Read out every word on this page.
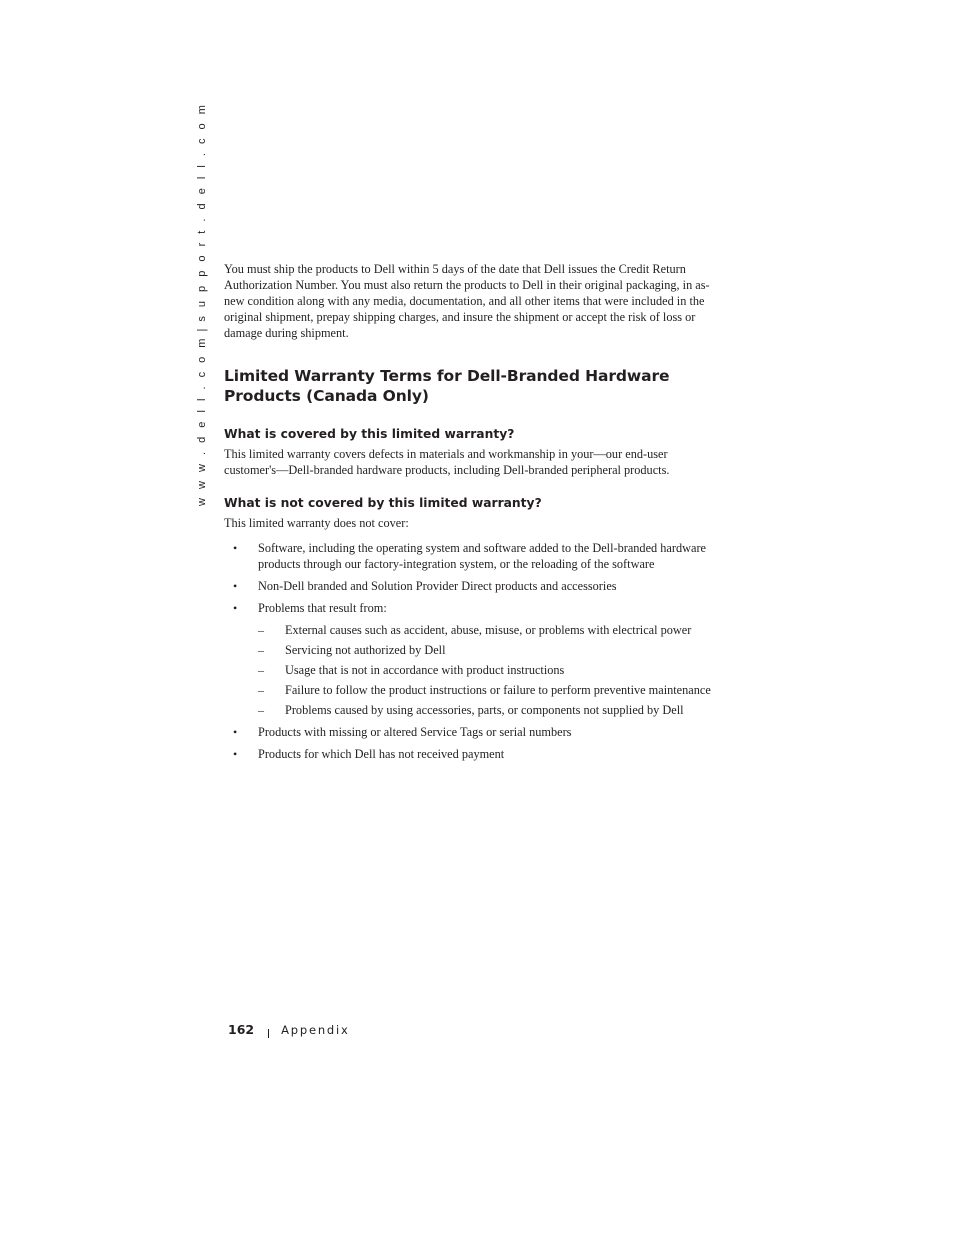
w w w . d e l l . c o m|s u p p o r t . d e l l . c o m You must ship the products to Dell within 5 days of the date that Dell issues the Credit Return Authorization Number. You must also return the products to Dell in their original packaging, in as-new condition along with any media, documentation, and all other items that were included in the original shipment, prepay shipping charges, and insure the shipment or accept the risk of loss or damage during shipment.

Limited Warranty Terms for Dell-Branded Hardware Products (Canada Only)
What is covered by this limited warranty?

This limited warranty covers defects in materials and workmanship in your—our end-user customer's—Dell-branded hardware products, including Dell-branded peripheral products.

What is not covered by this limited warranty?

This limited warranty does not cover:

• Software, including the operating system and software added to the Dell-branded hardware products through our factory-integration system, or the reloading of the software
• Non-Dell branded and Solution Provider Direct products and accessories
• Problems that result from:
– External causes such as accident, abuse, misuse, or problems with electrical power
– Servicing not authorized by Dell
– Usage that is not in accordance with product instructions
– Failure to follow the product instructions or failure to perform preventive maintenance
– Problems caused by using accessories, parts, or components not supplied by Dell
• Products with missing or altered Service Tags or serial numbers
• Products for which Dell has not received payment
162 Appendix
